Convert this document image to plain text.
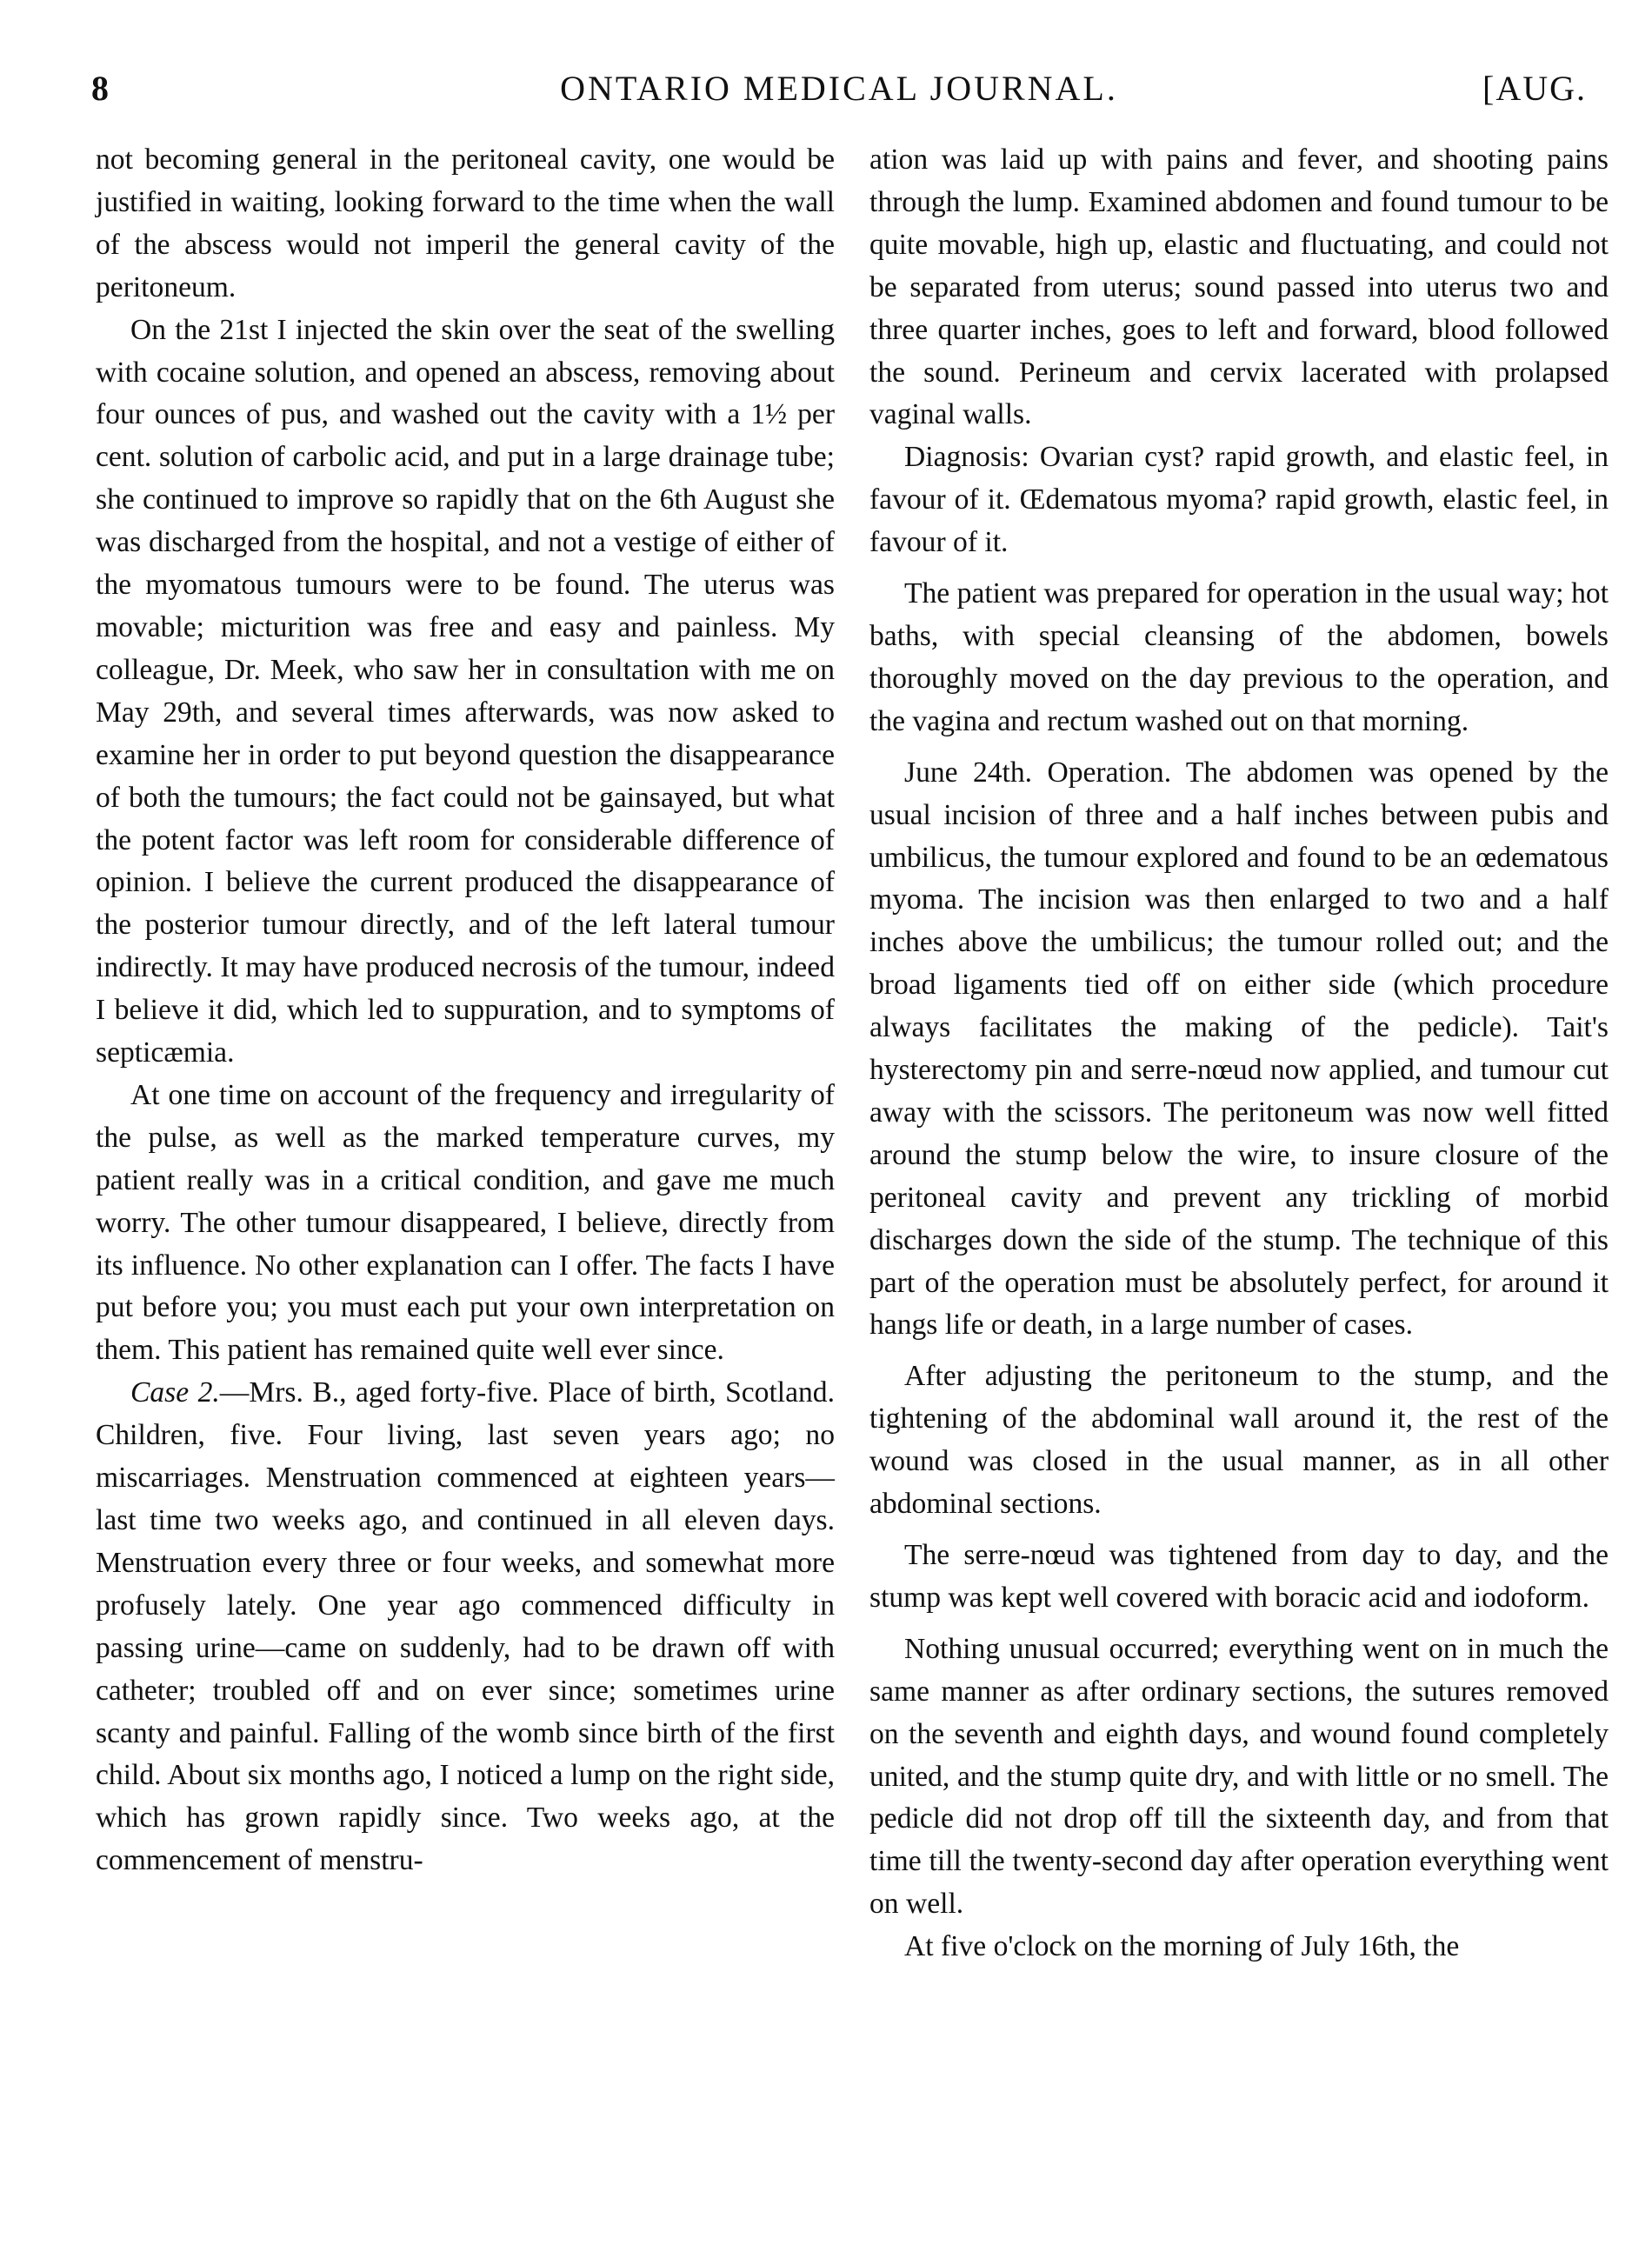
8	ONTARIO MEDICAL JOURNAL.	[AUG.

not becoming general in the peritoneal cavity, one would be justified in waiting, looking forward to the time when the wall of the abscess would not imperil the general cavity of the peritoneum.

On the 21st I injected the skin over the seat of the swelling with cocaine solution, and opened an abscess, removing about four ounces of pus, and washed out the cavity with a 1½ per cent. solution of carbolic acid, and put in a large drainage tube; she continued to improve so rapidly that on the 6th August she was discharged from the hospital, and not a vestige of either of the myomatous tumours were to be found. The uterus was movable; micturition was free and easy and painless. My colleague, Dr. Meek, who saw her in consultation with me on May 29th, and several times afterwards, was now asked to examine her in order to put beyond question the disappearance of both the tumours; the fact could not be gainsayed, but what the potent factor was left room for considerable difference of opinion. I believe the current produced the disappearance of the posterior tumour directly, and of the left lateral tumour indirectly. It may have produced necrosis of the tumour, indeed I believe it did, which led to suppuration, and to symptoms of septicæmia.

At one time on account of the frequency and irregularity of the pulse, as well as the marked temperature curves, my patient really was in a critical condition, and gave me much worry. The other tumour disappeared, I believe, directly from its influence. No other explanation can I offer. The facts I have put before you; you must each put your own interpretation on them. This patient has remained quite well ever since.

Case 2.—Mrs. B., aged forty-five. Place of birth, Scotland. Children, five. Four living, last seven years ago; no miscarriages. Menstruation commenced at eighteen years—last time two weeks ago, and continued in all eleven days. Menstruation every three or four weeks, and somewhat more profusely lately. One year ago commenced difficulty in passing urine—came on suddenly, had to be drawn off with catheter; troubled off and on ever since; sometimes urine scanty and painful. Falling of the womb since birth of the first child. About six months ago, I noticed a lump on the right side, which has grown rapidly since. Two weeks ago, at the commencement of menstru-

ation was laid up with pains and fever, and shooting pains through the lump. Examined abdomen and found tumour to be quite movable, high up, elastic and fluctuating, and could not be separated from uterus; sound passed into uterus two and three quarter inches, goes to left and forward, blood followed the sound. Perineum and cervix lacerated with prolapsed vaginal walls.

Diagnosis: Ovarian cyst? rapid growth, and elastic feel, in favour of it. Œdematous myoma? rapid growth, elastic feel, in favour of it.

The patient was prepared for operation in the usual way; hot baths, with special cleansing of the abdomen, bowels thoroughly moved on the day previous to the operation, and the vagina and rectum washed out on that morning.

June 24th. Operation. The abdomen was opened by the usual incision of three and a half inches between pubis and umbilicus, the tumour explored and found to be an œdematous myoma. The incision was then enlarged to two and a half inches above the umbilicus; the tumour rolled out; and the broad ligaments tied off on either side (which procedure always facilitates the making of the pedicle). Tait's hysterectomy pin and serre-nœud now applied, and tumour cut away with the scissors. The peritoneum was now well fitted around the stump below the wire, to insure closure of the peritoneal cavity and prevent any trickling of morbid discharges down the side of the stump. The technique of this part of the operation must be absolutely perfect, for around it hangs life or death, in a large number of cases.

After adjusting the peritoneum to the stump, and the tightening of the abdominal wall around it, the rest of the wound was closed in the usual manner, as in all other abdominal sections.

The serre-nœud was tightened from day to day, and the stump was kept well covered with boracic acid and iodoform.

Nothing unusual occurred; everything went on in much the same manner as after ordinary sections, the sutures removed on the seventh and eighth days, and wound found completely united, and the stump quite dry, and with little or no smell. The pedicle did not drop off till the sixteenth day, and from that time till the twenty-second day after operation everything went on well.

At five o'clock on the morning of July 16th, the
